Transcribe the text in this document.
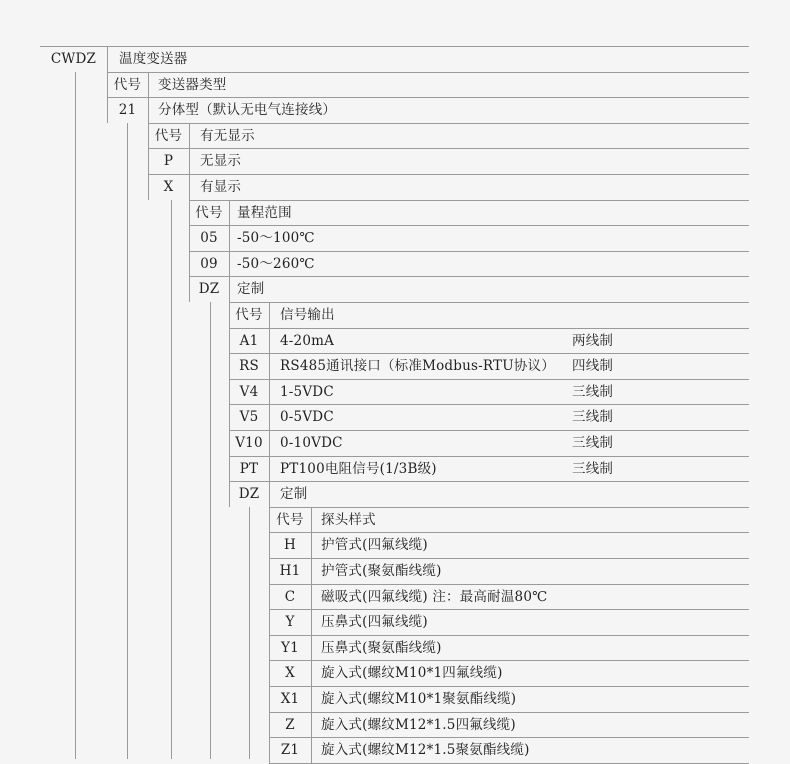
CWDZ	温度变送器
代号	变送器类型
21	分体型（默认无电气连接线）
代号	有无显示
P	无显示
X	有显示
代号	量程范围
05	-50～100℃
09	-50～260℃
DZ	定制
代号	信号输出
A1	4-20mA	两线制
RS	RS485通讯接口（标准Modbus-RTU协议） 四线制
V4	1-5VDC	三线制
V5	0-5VDC	三线制
V10	0-10VDC	三线制
PT	PT100电阻信号(1/3B级)	三线制
DZ	定制
代号	探头样式
H	护管式(四氟线缆)
H1	护管式(聚氨酯线缆)
C	磁吸式(四氟线缆) 注：最高耐温80℃
Y	压鼻式(四氟线缆)
Y1	压鼻式(聚氨酯线缆)
X	旋入式(螺纹M10*1四氟线缆)
X1	旋入式(螺纹M10*1聚氨酯线缆)
Z	旋入式(螺纹M12*1.5四氟线缆)
Z1	旋入式(螺纹M12*1.5聚氨酯线缆)
